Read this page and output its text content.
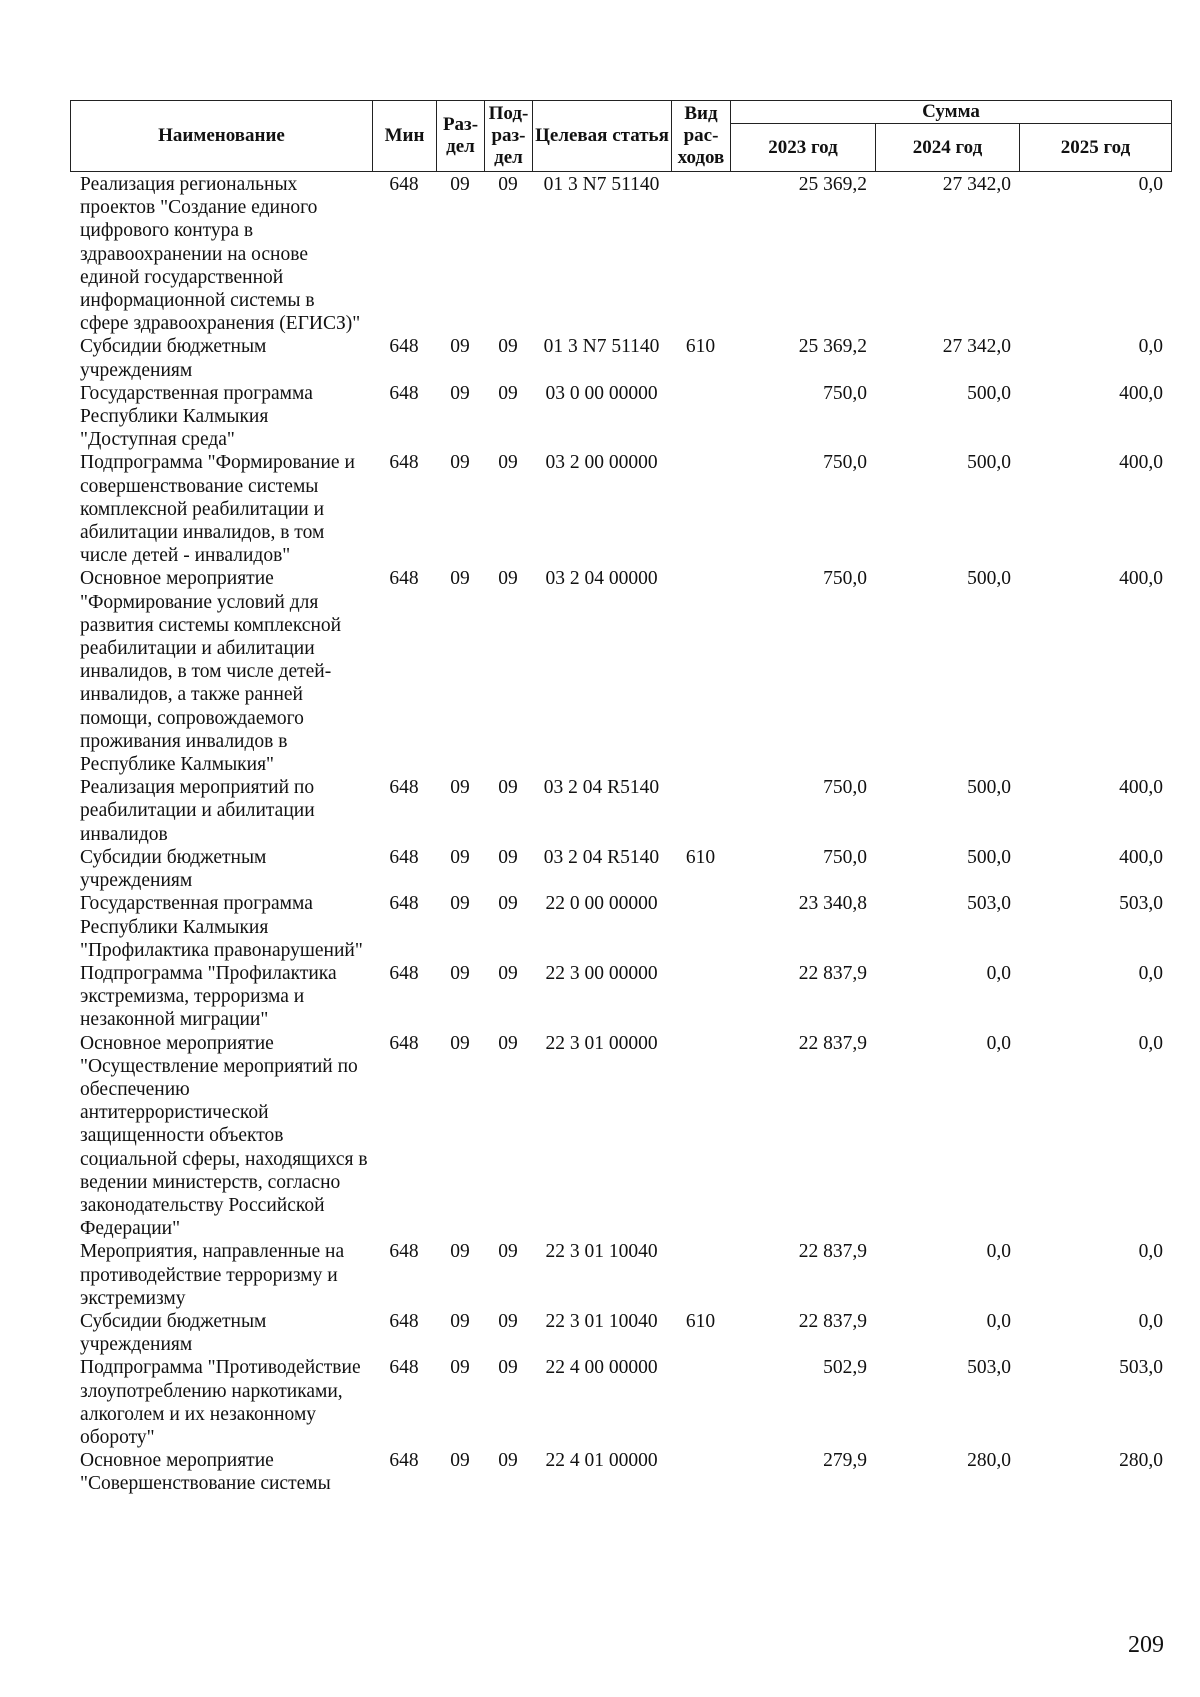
Наименование	Мин	Раз-дел	Под-раз-дел	Целевая статья	Вид рас-ходов	Сумма		
						2023 год	2024 год	2025 год
Реализация региональных проектов "Создание единого цифрового контура в здравоохранении на основе единой государственной информационной системы в сфере здравоохранения (ЕГИСЗ)"	648	09	09	01 3 N7 51140		25 369,2	27 342,0	0,0
Субсидии бюджетным учреждениям	648	09	09	01 3 N7 51140	610	25 369,2	27 342,0	0,0
Государственная программа Республики Калмыкия "Доступная среда"	648	09	09	03 0 00 00000		750,0	500,0	400,0
Подпрограмма "Формирование и совершенствование системы комплексной реабилитации и абилитации инвалидов, в том числе детей - инвалидов"	648	09	09	03 2 00 00000		750,0	500,0	400,0
Основное мероприятие "Формирование условий для развития системы комплексной реабилитации и абилитации инвалидов, в том числе детей-инвалидов, а также ранней помощи, сопровождаемого проживания инвалидов в Республике Калмыкия"	648	09	09	03 2 04 00000		750,0	500,0	400,0
Реализация мероприятий по реабилитации и абилитации инвалидов	648	09	09	03 2 04 R5140		750,0	500,0	400,0
Субсидии бюджетным учреждениям	648	09	09	03 2 04 R5140	610	750,0	500,0	400,0
Государственная программа Республики Калмыкия "Профилактика правонарушений"	648	09	09	22 0 00 00000		23 340,8	503,0	503,0
Подпрограмма "Профилактика экстремизма, терроризма и незаконной миграции"	648	09	09	22 3 00 00000		22 837,9	0,0	0,0
Основное мероприятие "Осуществление мероприятий по обеспечению антитеррористической защищенности объектов социальной сферы, находящихся в ведении министерств, согласно законодательству Российской Федерации"	648	09	09	22 3 01 00000		22 837,9	0,0	0,0
Мероприятия, направленные на противодействие терроризму и экстремизму	648	09	09	22 3 01 10040		22 837,9	0,0	0,0
Субсидии бюджетным учреждениям	648	09	09	22 3 01 10040	610	22 837,9	0,0	0,0
Подпрограмма "Противодействие злоупотреблению наркотиками, алкоголем и их незаконному обороту"	648	09	09	22 4 00 00000		502,9	503,0	503,0
Основное мероприятие "Совершенствование системы	648	09	09	22 4 01 00000		279,9	280,0	280,0
209
